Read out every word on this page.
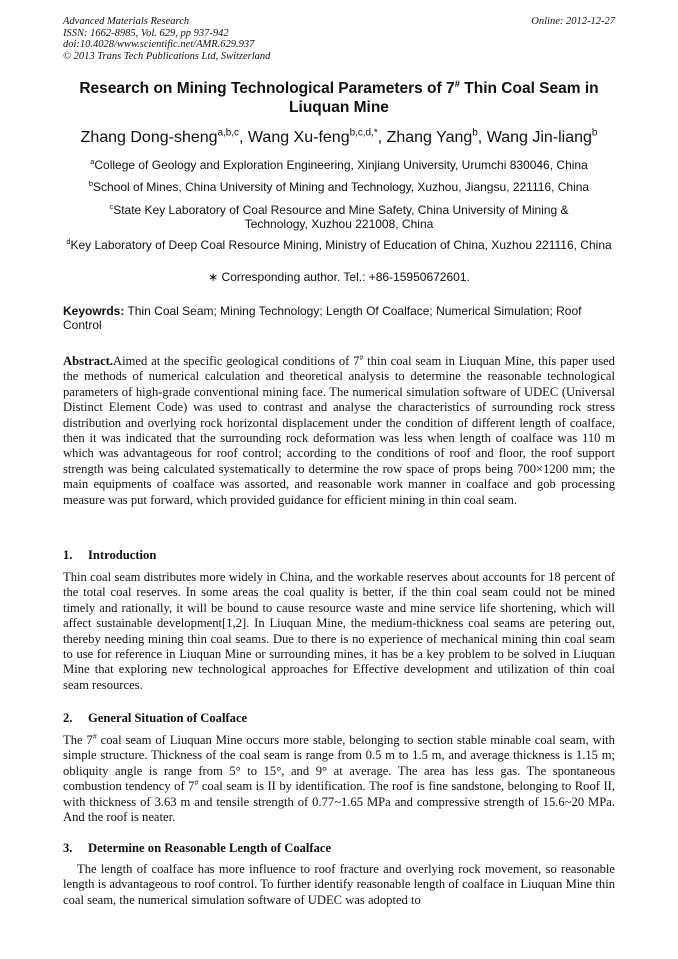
Advanced Materials Research
ISSN: 1662-8985, Vol. 629, pp 937-942
doi:10.4028/www.scientific.net/AMR.629.937
© 2013 Trans Tech Publications Ltd, Switzerland
Online: 2012-12-27
Research on Mining Technological Parameters of 7# Thin Coal Seam in Liuquan Mine
Zhang Dong-sheng$^{a,b,c}$, Wang Xu-feng$^{b,c,d,*}$, Zhang Yang$^b$, Wang Jin-liang$^b$
$^a$College of Geology and Exploration Engineering, Xinjiang University, Urumchi 830046, China
$^b$School of Mines, China University of Mining and Technology, Xuzhou, Jiangsu, 221116, China
$^c$State Key Laboratory of Coal Resource and Mine Safety, China University of Mining & Technology, Xuzhou 221008, China
$^d$Key Laboratory of Deep Coal Resource Mining, Ministry of Education of China, Xuzhou 221116, China
∗ Corresponding author. Tel.: +86-15950672601.
Keyowrds: Thin Coal Seam; Mining Technology; Length Of Coalface; Numerical Simulation; Roof Control
Abstract.Aimed at the specific geological conditions of 7# thin coal seam in Liuquan Mine, this paper used the methods of numerical calculation and theoretical analysis to determine the reasonable technological parameters of high-grade conventional mining face. The numerical simulation software of UDEC (Universal Distinct Element Code) was used to contrast and analyse the characteristics of surrounding rock stress distribution and overlying rock horizontal displacement under the condition of different length of coalface, then it was indicated that the surrounding rock deformation was less when length of coalface was 110 m which was advantageous for roof control; according to the conditions of roof and floor, the roof support strength was being calculated systematically to determine the row space of props being 700×1200 mm; the main equipments of coalface was assorted, and reasonable work manner in coalface and gob processing measure was put forward, which provided guidance for efficient mining in thin coal seam.
1. Introduction
Thin coal seam distributes more widely in China, and the workable reserves about accounts for 18 percent of the total coal reserves. In some areas the coal quality is better, if the thin coal seam could not be mined timely and rationally, it will be bound to cause resource waste and mine service life shortening, which will affect sustainable development[1,2]. In Liuquan Mine, the medium-thickness coal seams are petering out, thereby needing mining thin coal seams. Due to there is no experience of mechanical mining thin coal seam to use for reference in Liuquan Mine or surrounding mines, it has be a key problem to be solved in Liuquan Mine that exploring new technological approaches for Effective development and utilization of thin coal seam resources.
2. General Situation of Coalface
The 7# coal seam of Liuquan Mine occurs more stable, belonging to section stable minable coal seam, with simple structure. Thickness of the coal seam is range from 0.5 m to 1.5 m, and average thickness is 1.15 m; obliquity angle is range from 5° to 15°, and 9° at average. The area has less gas. The spontaneous combustion tendency of 7# coal seam is II by identification. The roof is fine sandstone, belonging to Roof II, with thickness of 3.63 m and tensile strength of 0.77~1.65 MPa and compressive strength of 15.6~20 MPa. And the roof is neater.
3. Determine on Reasonable Length of Coalface
The length of coalface has more influence to roof fracture and overlying rock movement, so reasonable length is advantageous to roof control. To further identify reasonable length of coalface in Liuquan Mine thin coal seam, the numerical simulation software of UDEC was adopted to
